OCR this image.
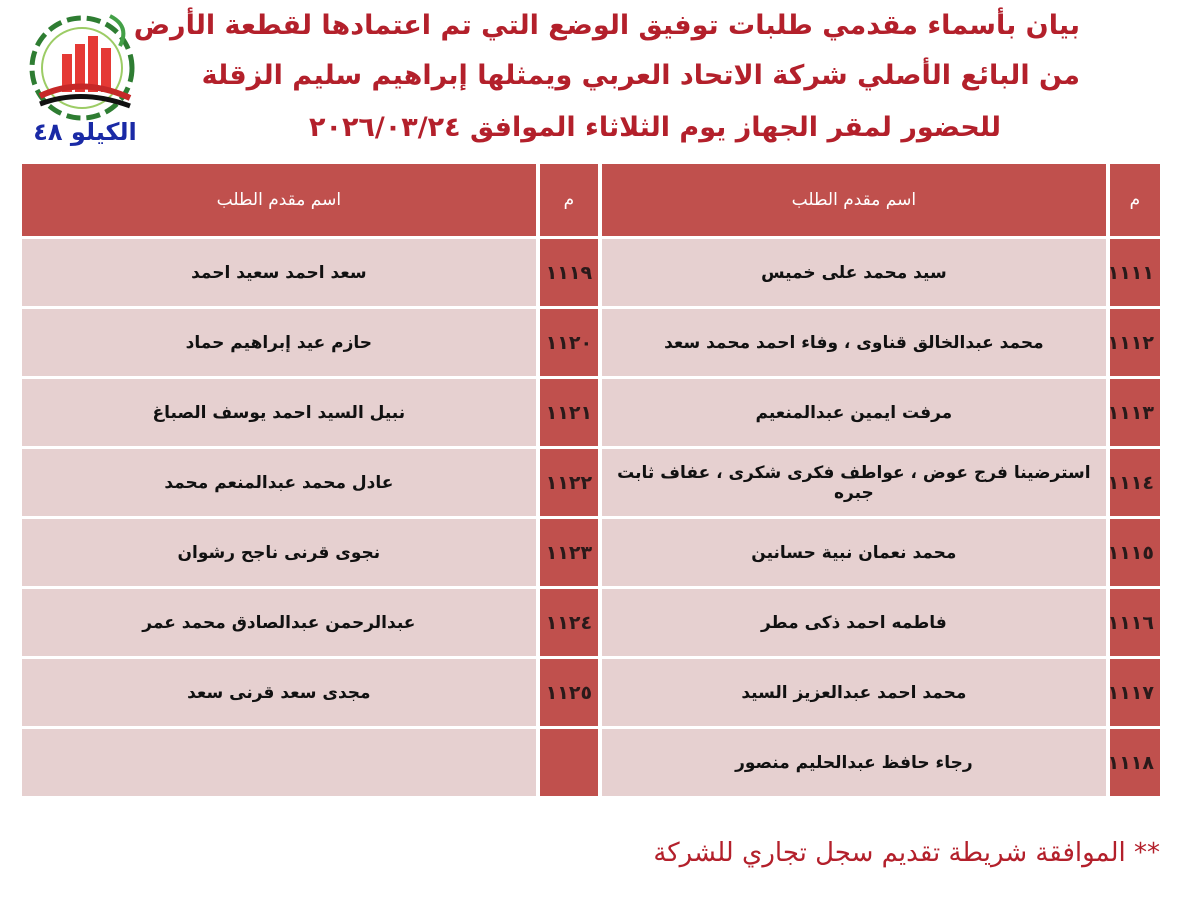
الكيلو ٤٨
بيان بأسماء مقدمي طلبات توفيق الوضع التي تم اعتمادها لقطعة الأرض
من البائع الأصلي شركة الاتحاد العربي ويمثلها إبراهيم سليم الزقلة
للحضور لمقر الجهاز يوم الثلاثاء الموافق ٢٠٢٦/٠٣/٢٤
م	اسم مقدم الطلب	م	اسم مقدم الطلب
١١١١	سيد محمد على خميس	١١١٩	سعد احمد سعيد احمد
١١١٢	محمد عبدالخالق قناوى ، وفاء احمد محمد سعد	١١٢٠	حازم عيد إبراهيم حماد
١١١٣	مرفت ايمين عبدالمنعيم	١١٢١	نبيل السيد احمد يوسف الصباغ
١١١٤	استرضينا فرج عوض ، عواطف فكرى شكرى ، عفاف ثابت جبره	١١٢٢	عادل محمد عبدالمنعم محمد
١١١٥	محمد نعمان نبية حسانين	١١٢٣	نجوى قرنى ناجح رشوان
١١١٦	فاطمه احمد ذكى مطر	١١٢٤	عبدالرحمن عبدالصادق محمد عمر
١١١٧	محمد احمد عبدالعزيز السيد	١١٢٥	مجدى سعد قرنى سعد
١١١٨	رجاء حافظ عبدالحليم منصور		
** الموافقة شريطة تقديم سجل تجاري للشركة
